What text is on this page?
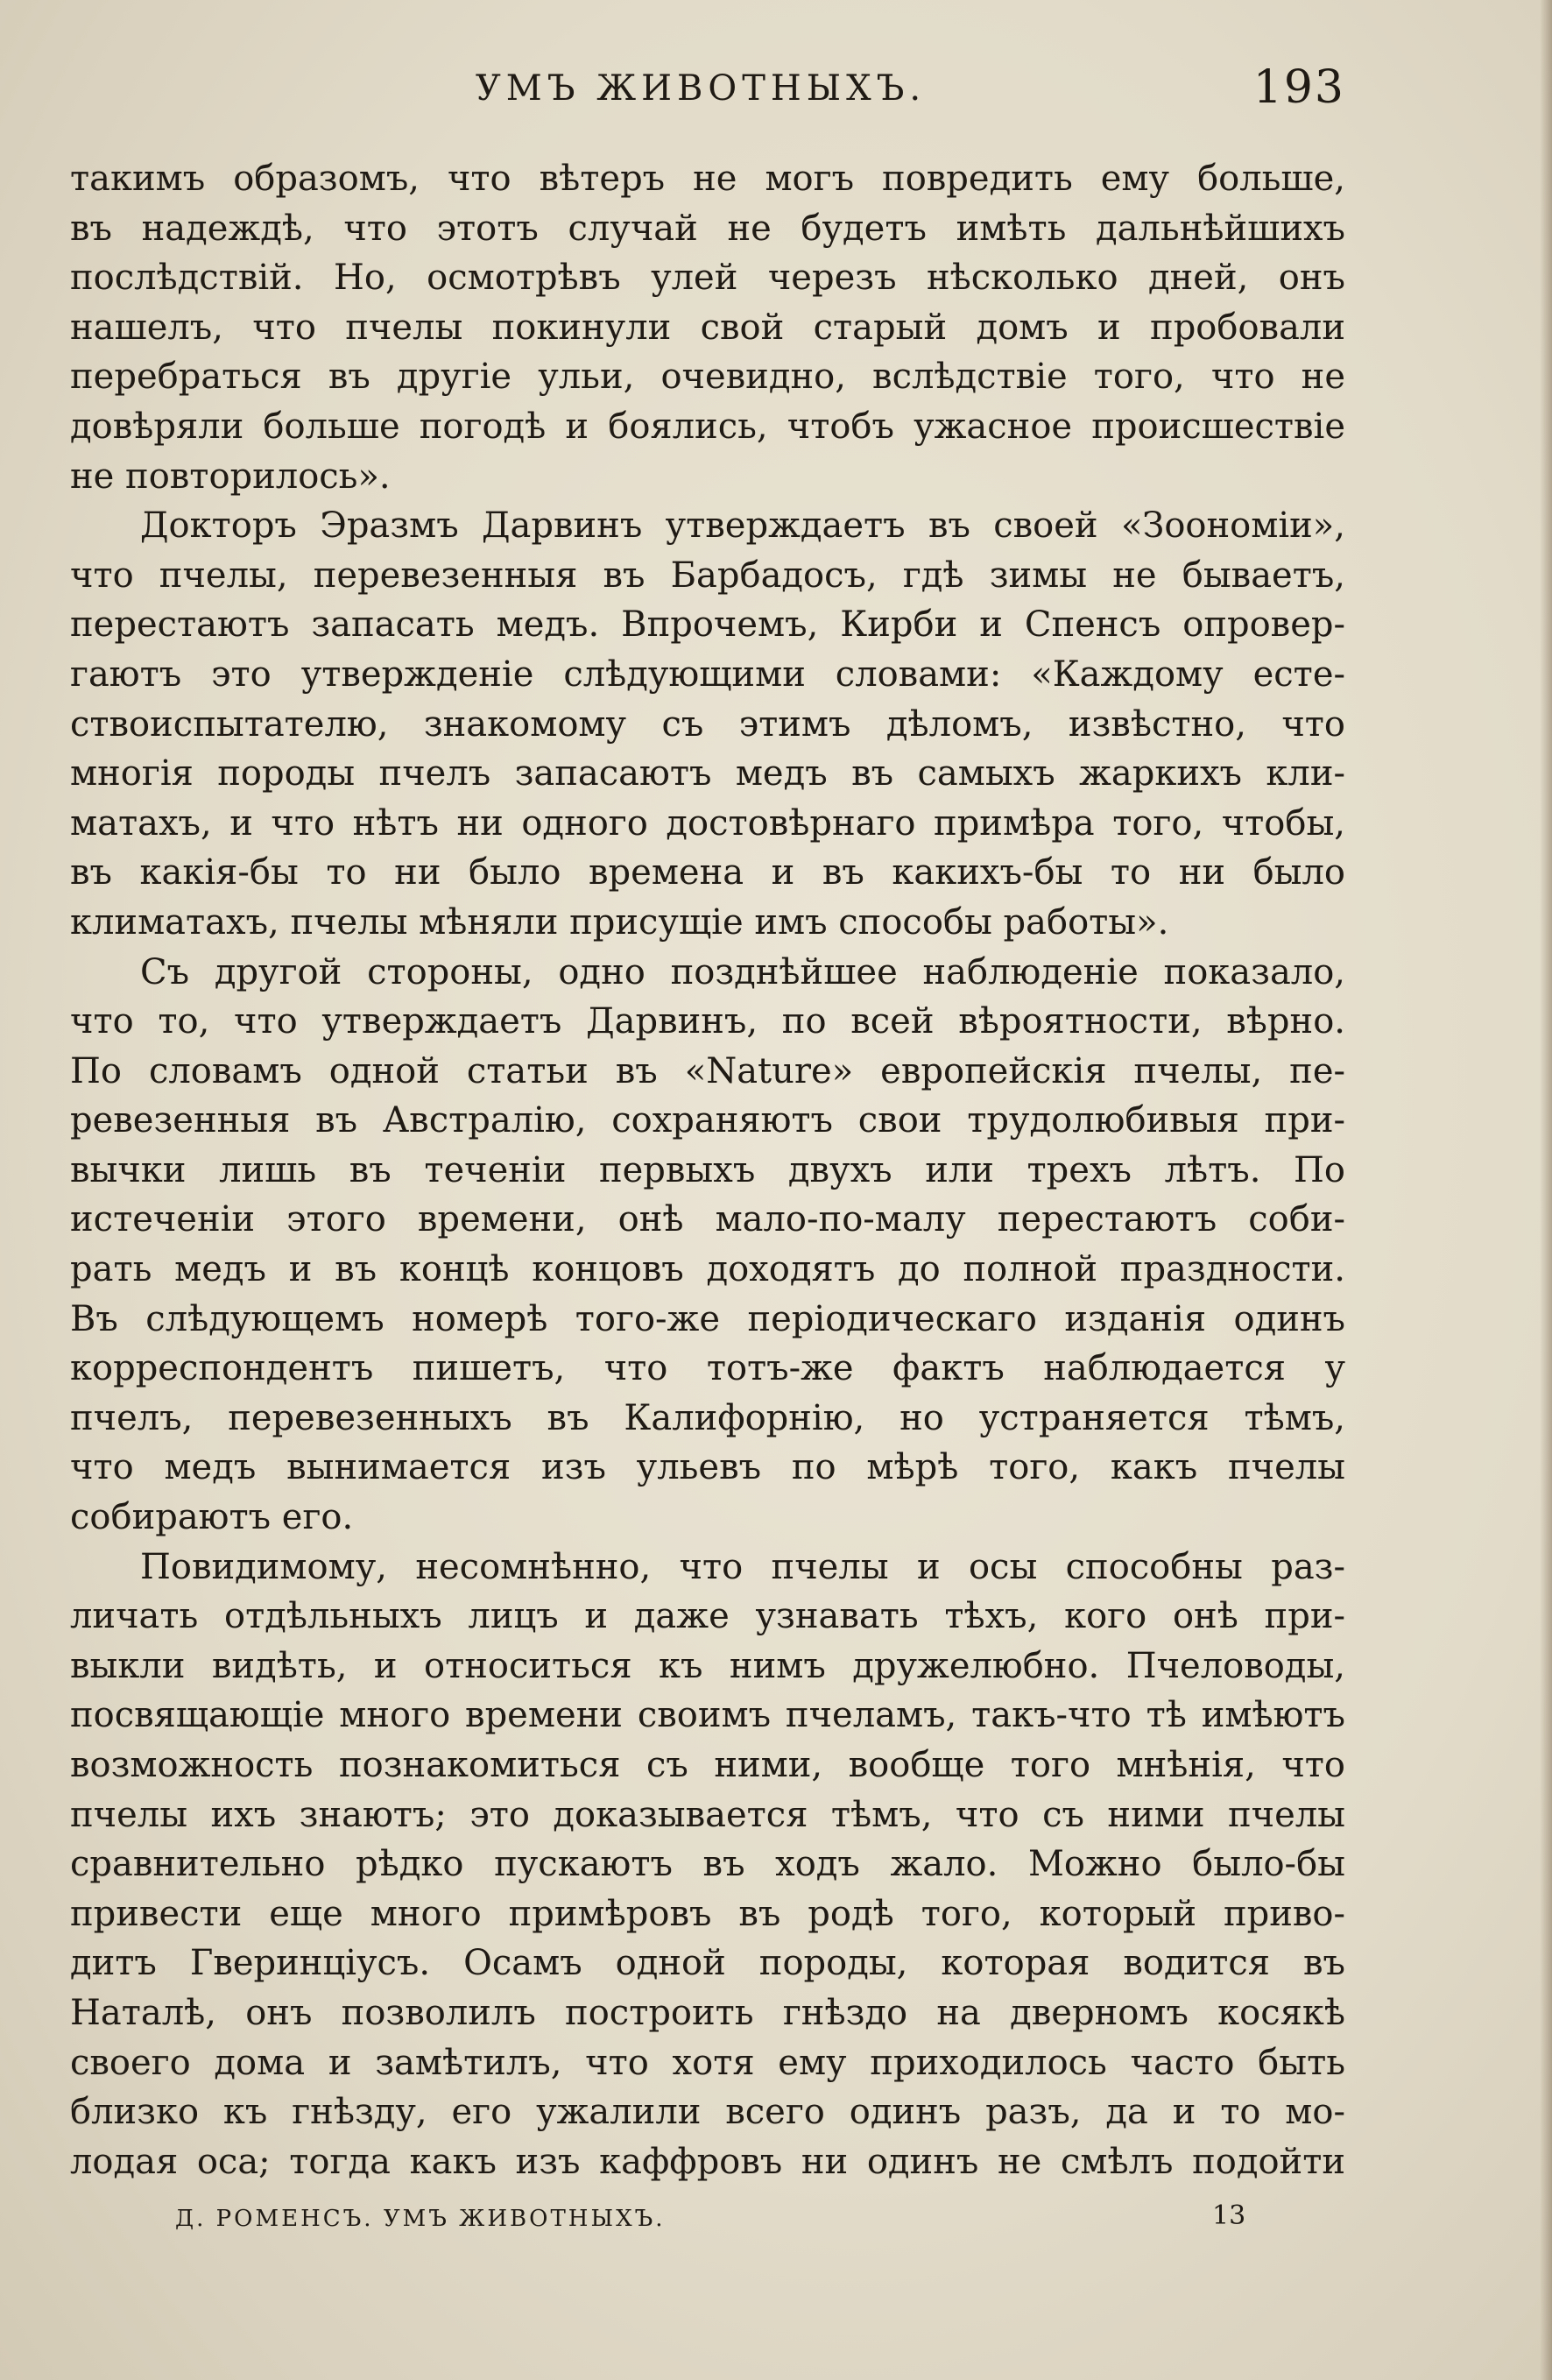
УМЪ ЖИВОТНЫХЪ.	193
такимъ образомъ, что вѣтеръ не могъ повредить ему больше,
въ надеждѣ, что этотъ случай не будетъ имѣть дальнѣйшихъ
послѣдствій. Но, осмотрѣвъ улей черезъ нѣсколько дней, онъ
нашелъ, что пчелы покинули свой старый домъ и пробовали
перебраться въ другіе ульи, очевидно, вслѣдствіе того, что не
довѣряли больше погодѣ и боялись, чтобъ ужасное происшествіе
не повторилось».
Докторъ Эразмъ Дарвинъ утверждаетъ въ своей «Зоономіи»,
что пчелы, перевезенныя въ Барбадосъ, гдѣ зимы не бываетъ,
перестаютъ запасать медъ. Впрочемъ, Кирби и Спенсъ опровер-
гаютъ это утвержденіе слѣдующими словами: «Каждому есте-
ствоиспытателю, знакомому съ этимъ дѣломъ, извѣстно, что
многія породы пчелъ запасаютъ медъ въ самыхъ жаркихъ кли-
матахъ, и что нѣтъ ни одного достовѣрнаго примѣра того, чтобы,
въ какія-бы то ни было времена и въ какихъ-бы то ни было
климатахъ, пчелы мѣняли присущіе имъ способы работы».
Съ другой стороны, одно позднѣйшее наблюденіе показало,
что то, что утверждаетъ Дарвинъ, по всей вѣроятности, вѣрно.
По словамъ одной статьи въ «Nature» европейскія пчелы, пе-
ревезенныя въ Австралію, сохраняютъ свои трудолюбивыя при-
вычки лишь въ теченіи первыхъ двухъ или трехъ лѣтъ. По
истеченіи этого времени, онѣ мало-по-малу перестаютъ соби-
рать медъ и въ концѣ концовъ доходятъ до полной праздности.
Въ слѣдующемъ номерѣ того-же періодическаго изданія одинъ
корреспондентъ пишетъ, что тотъ-же фактъ наблюдается у
пчелъ, перевезенныхъ въ Калифорнію, но устраняется тѣмъ,
что медъ вынимается изъ ульевъ по мѣрѣ того, какъ пчелы
собираютъ его.
Повидимому, несомнѣнно, что пчелы и осы способны раз-
личать отдѣльныхъ лицъ и даже узнавать тѣхъ, кого онѣ при-
выкли видѣть, и относиться къ нимъ дружелюбно. Пчеловоды,
посвящающіе много времени своимъ пчеламъ, такъ-что тѣ имѣютъ
возможность познакомиться съ ними, вообще того мнѣнія, что
пчелы ихъ знаютъ; это доказывается тѣмъ, что съ ними пчелы
сравнительно рѣдко пускаютъ въ ходъ жало. Можно было-бы
привести еще много примѣровъ въ родѣ того, который приво-
дитъ Гверинціусъ. Осамъ одной породы, которая водится въ
Наталѣ, онъ позволилъ построить гнѣздо на дверномъ косякѣ
своего дома и замѣтилъ, что хотя ему приходилось часто быть
близко къ гнѣзду, его ужалили всего одинъ разъ, да и то мо-
лодая оса; тогда какъ изъ каффровъ ни одинъ не смѣлъ подойти
Д. РОМЕНСЪ. УМЪ ЖИВОТНЫХЪ.	13
